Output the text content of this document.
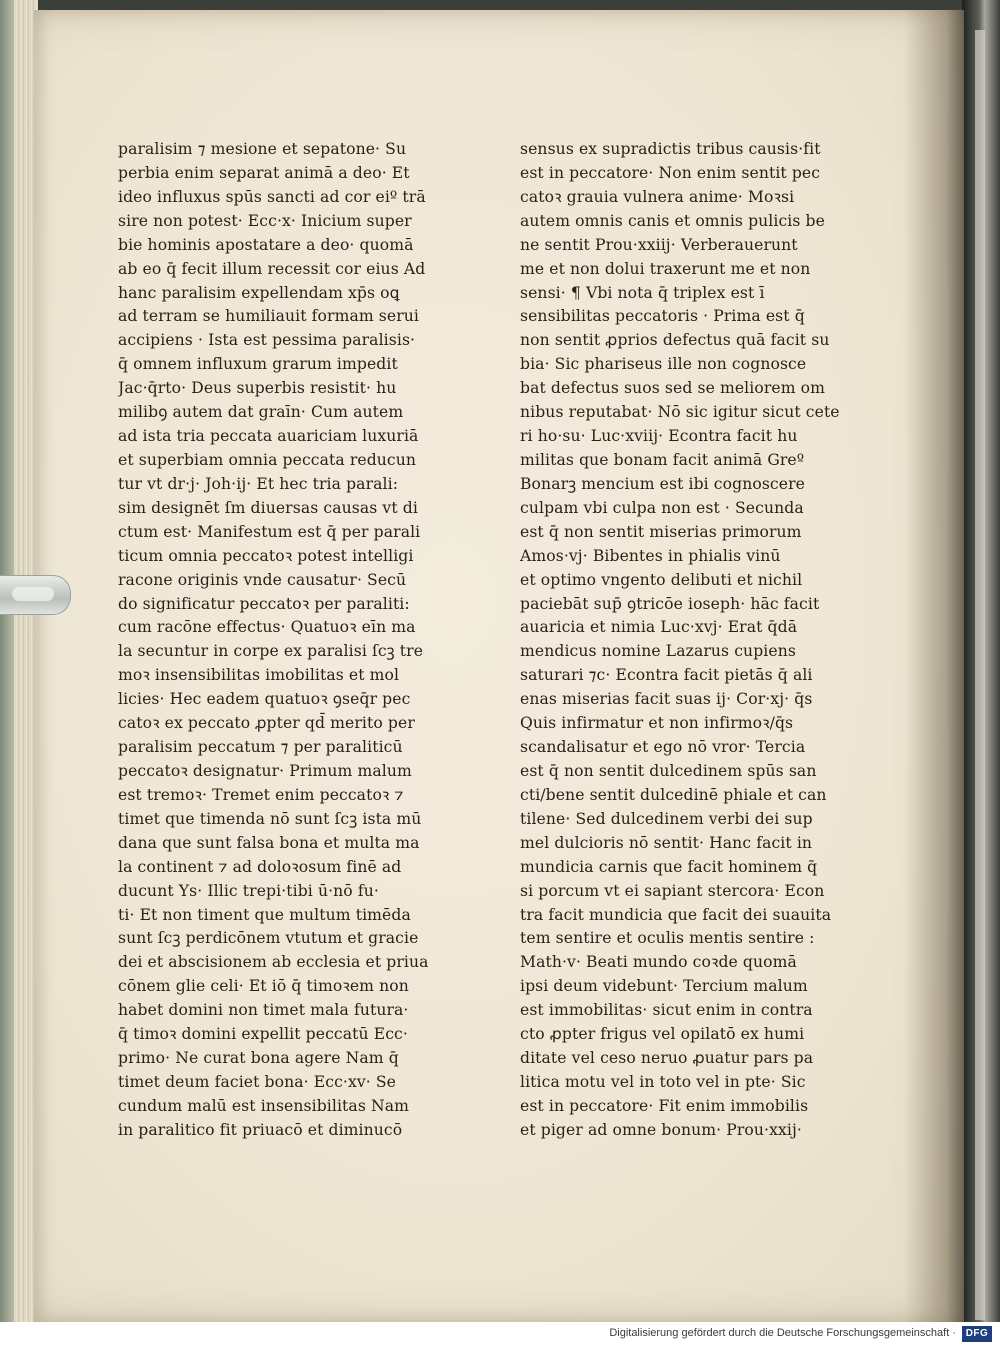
paralisim ⁊ mesione et sepatone· Su
perbia enim separat animā a deo· Et
ideo influxus spūs sancti ad cor eiº trā
sire non potest· Ecc·x· Inicium super
bie hominis apostatare a deo· quomā
ab eo q̄ fecit illum recessit cor eius Ad
hanc paralisim expellendam xp̄s oꝗ
ad terram se humiliauit formam serui
accipiens · Ista est pessima paralisis·
q̄ omnem influxum grarum impedit
Jac·q̄rto· Deus superbis resistit· hu
milibꝯ autem dat graīn· Cum autem
ad ista tria peccata auariciam luxuriā
et superbiam omnia peccata reducun
tur vt dr·j· Joh·ij· Et hec tria parali:
sim designēt ſm diuersas causas vt di
ctum est· Manifestum est q̄ per parali
ticum omnia peccatoꝛ potest intelligi
racone originis vnde causatur· Secū
do significatur peccatoꝛ per paraliti:
cum racōne effectus· Quatuoꝛ eīn ma
la secuntur in corpe ex paralisi ſcꝫ tre
moꝛ insensibilitas imobilitas et mol
licies· Hec eadem quatuoꝛ ꝯseq̄r pec
catoꝛ ex peccato ꝓpter qd̄ merito per
paralisim peccatum ⁊ per paraliticū
peccatoꝛ designatur· Primum malum
est tremoꝛ· Tremet enim peccatoꝛ ⁊
timet que timenda nō sunt ſcꝫ ista mū
dana que sunt falsa bona et multa ma
la continent ⁊ ad doloꝛosum finē ad
ducunt Ys· Illic trepi·tibi ū·nō fu·
ti· Et non timent que multum timēda
sunt ſcꝫ perdicōnem vtutum et gracie
dei et abscisionem ab ecclesia et priua
cōnem glie celi· Et iō q̄ timoꝛem non
habet domini non timet mala futura·
q̄ timoꝛ domini expellit peccatū Ecc·
primo· Ne curat bona agere Nam q̄
timet deum faciet bona· Ecc·xv· Se
cundum malū est insensibilitas Nam
in paralitico fit priuacō et diminucō
sensus ex supradictis tribus causis·fit
est in peccatore· Non enim sentit pec
catoꝛ grauia vulnera anime· Moꝛsi
autem omnis canis et omnis pulicis be
ne sentit Prou·xxiij· Verberauerunt
me et non dolui traxerunt me et non
sensi· ¶ Vbi nota q̄ triplex est ī
sensibilitas peccatoris · Prima est q̄
non sentit ꝓprios defectus quā facit su
bia· Sic phariseus ille non cognosce
bat defectus suos sed se meliorem om
nibus reputabat· Nō sic igitur sicut cete
ri ho·su· Luc·xviij· Econtra facit hu
militas que bonam facit animā Greº
Bonarꝫ mencium est ibi cognoscere
culpam vbi culpa non est · Secunda
est q̄ non sentit miserias primorum
Amos·vj· Bibentes in phialis vinū
et optimo vngento delibuti et nichil
paciebāt sup̄ ꝯtricōe ioseph· hāc facit
auaricia et nimia Luc·xvj· Erat q̄dā
mendicus nomine Lazarus cupiens
saturari ⁊c· Econtra facit pietās q̄ ali
enas miserias facit suas ij· Cor·xj· q̄s
Quis infirmatur et non infirmoꝛ/q̄s
scandalisatur et ego nō vror· Tercia
est q̄ non sentit dulcedinem spūs san
cti/bene sentit dulcedinē phiale et can
tilene· Sed dulcedinem verbi dei sup
mel dulcioris nō sentit· Hanc facit in
mundicia carnis que facit hominem q̄
si porcum vt ei sapiant stercora· Econ
tra facit mundicia que facit dei suauita
tem sentire et oculis mentis sentire :
Math·v· Beati mundo coꝛde quomā
ipsi deum videbunt· Tercium malum
est immobilitas· sicut enim in contra
cto ꝓpter frigus vel opilatō ex humi
ditate vel ceso neruo ꝓuatur pars pa
litica motu vel in toto vel in pte· Sic
est in peccatore· Fit enim immobilis
et piger ad omne bonum· Prou·xxij·
Digitalisierung gefördert durch die Deutsche Forschungsgemeinschaft · DFG
